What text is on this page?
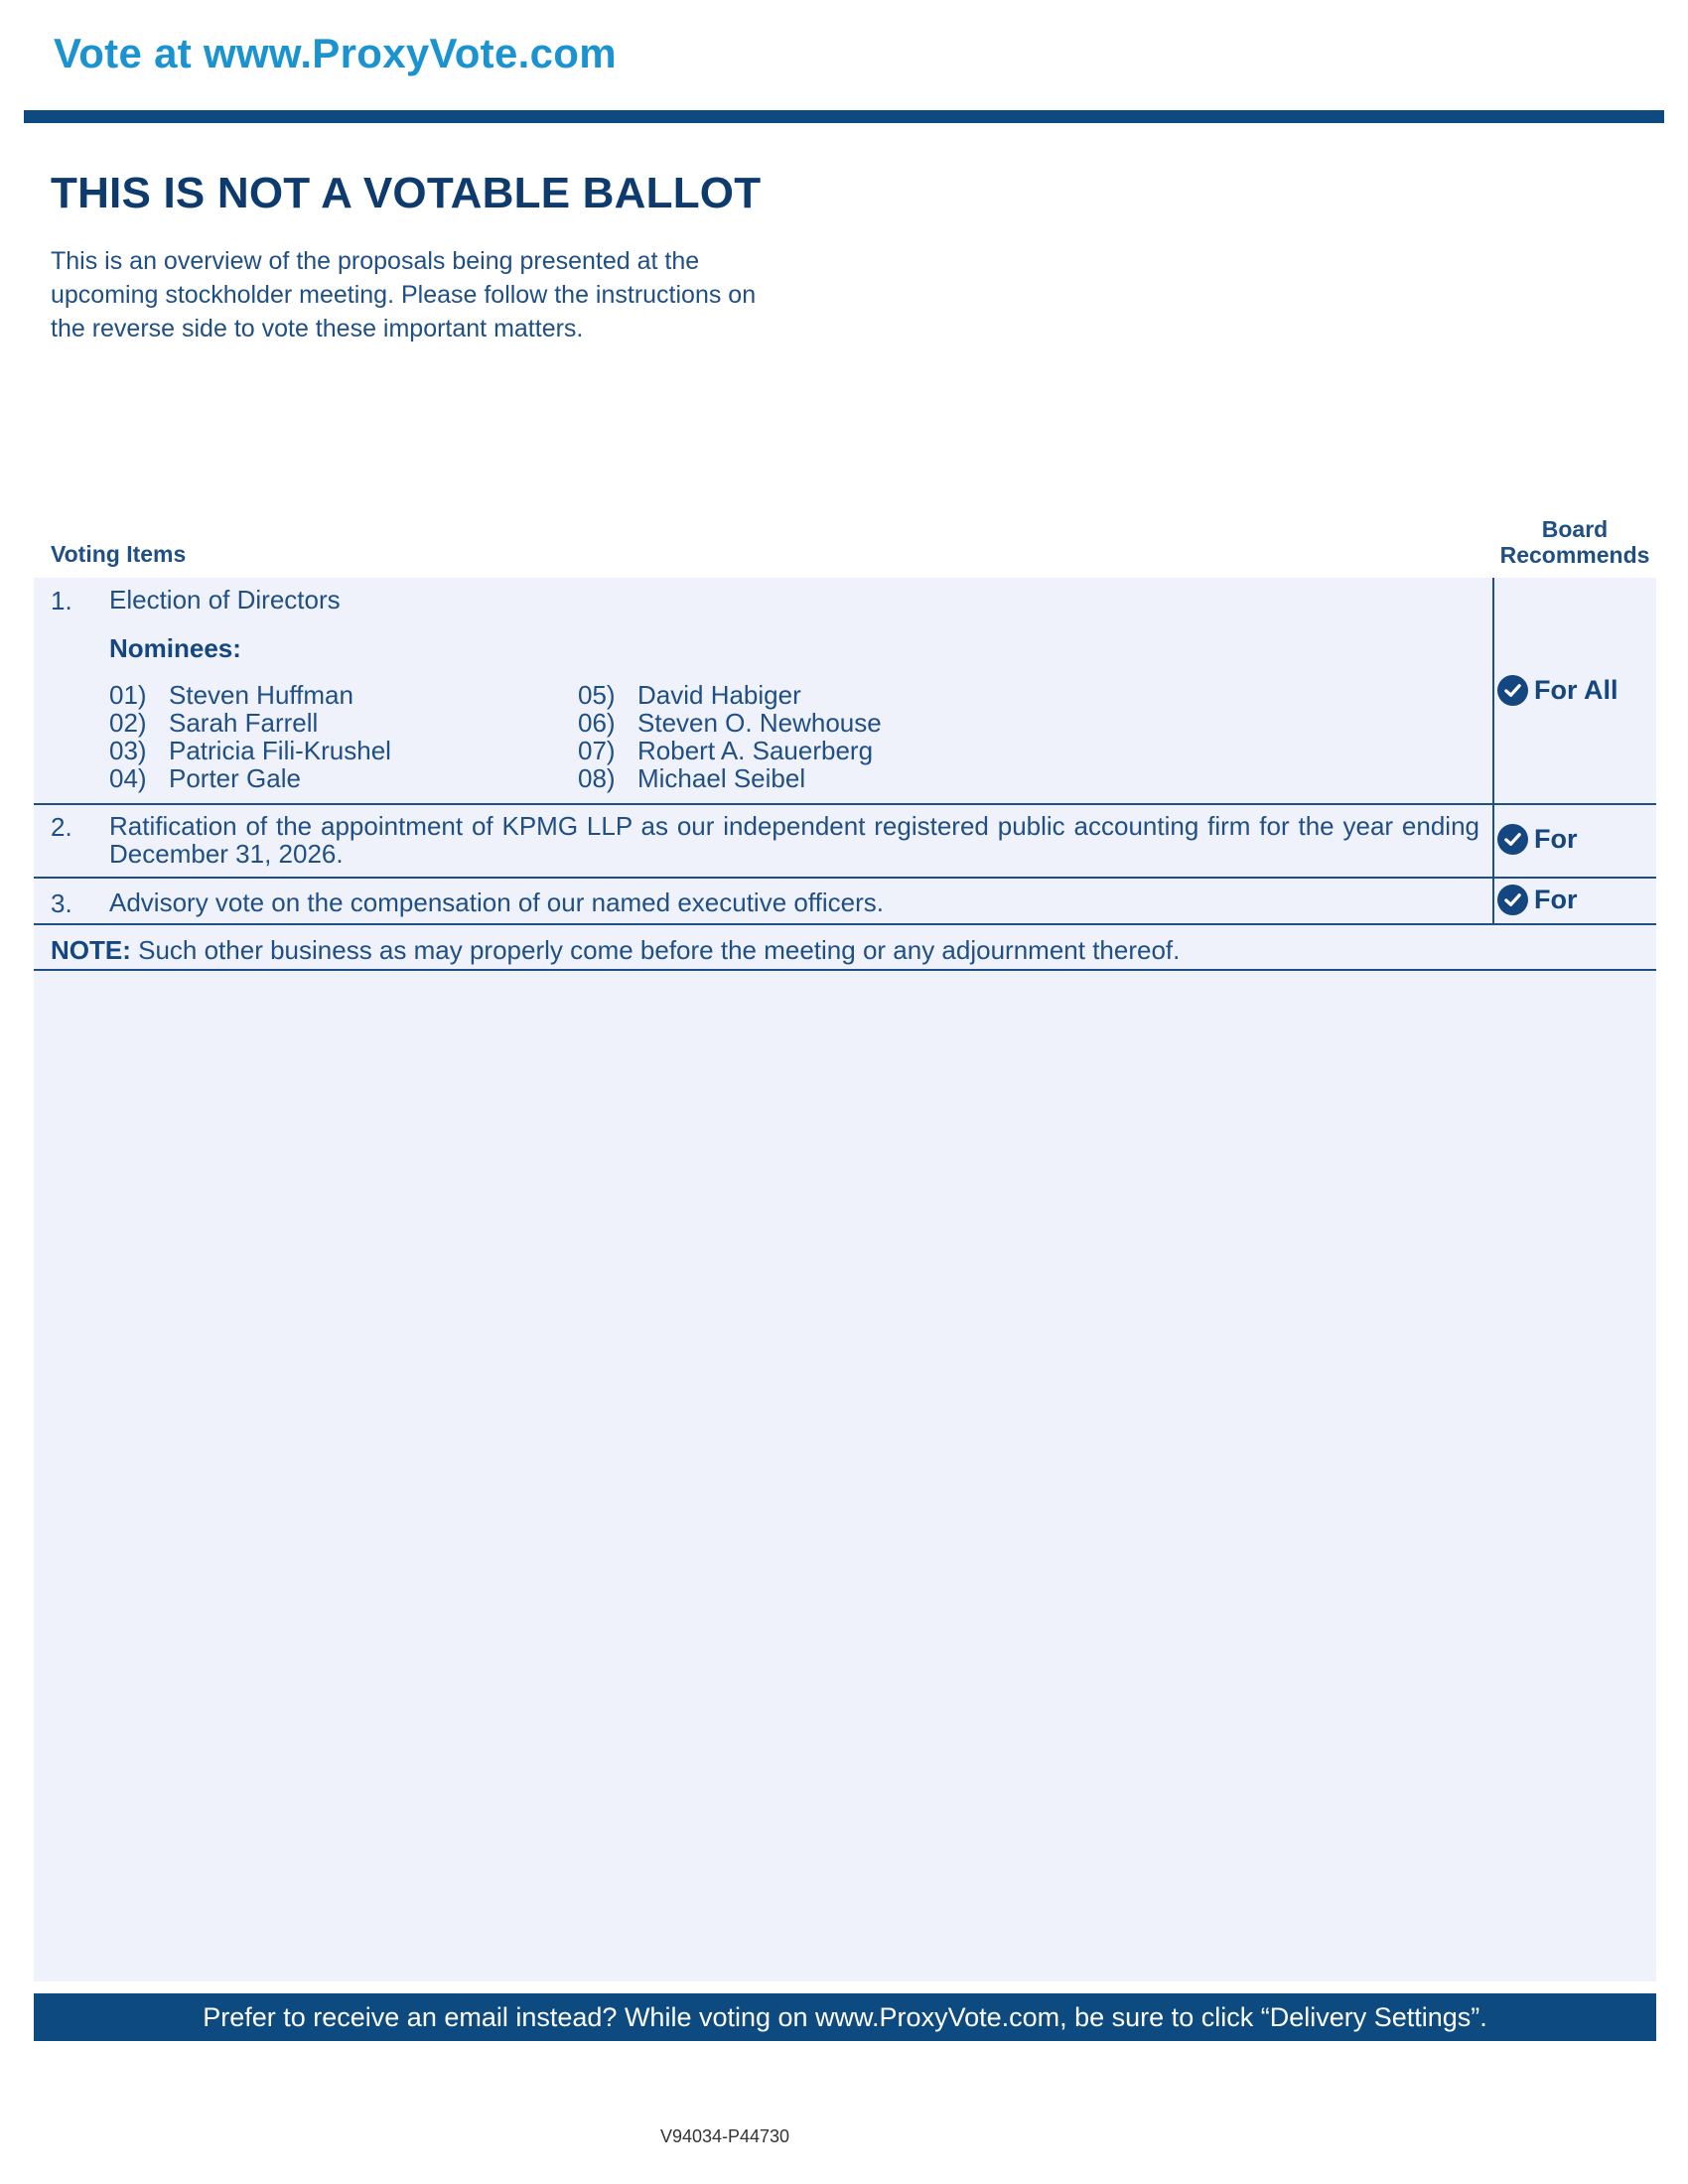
Vote at www.ProxyVote.com
THIS IS NOT A VOTABLE BALLOT
This is an overview of the proposals being presented at the
upcoming stockholder meeting. Please follow the instructions on
the reverse side to vote these important matters.
Voting Items
Board
Recommends
1. Election of Directors
Nominees:
01) Steven Huffman
02) Sarah Farrell
03) Patricia Fili-Krushel
04) Porter Gale
05) David Habiger
06) Steven O. Newhouse
07) Robert A. Sauerberg
08) Michael Seibel
For All
2. Ratification of the appointment of KPMG LLP as our independent registered public accounting firm for the year ending December 31, 2026.	For
3. Advisory vote on the compensation of our named executive officers.	For
NOTE: Such other business as may properly come before the meeting or any adjournment thereof.
Prefer to receive an email instead? While voting on www.ProxyVote.com, be sure to click “Delivery Settings”.
V94034-P44730
